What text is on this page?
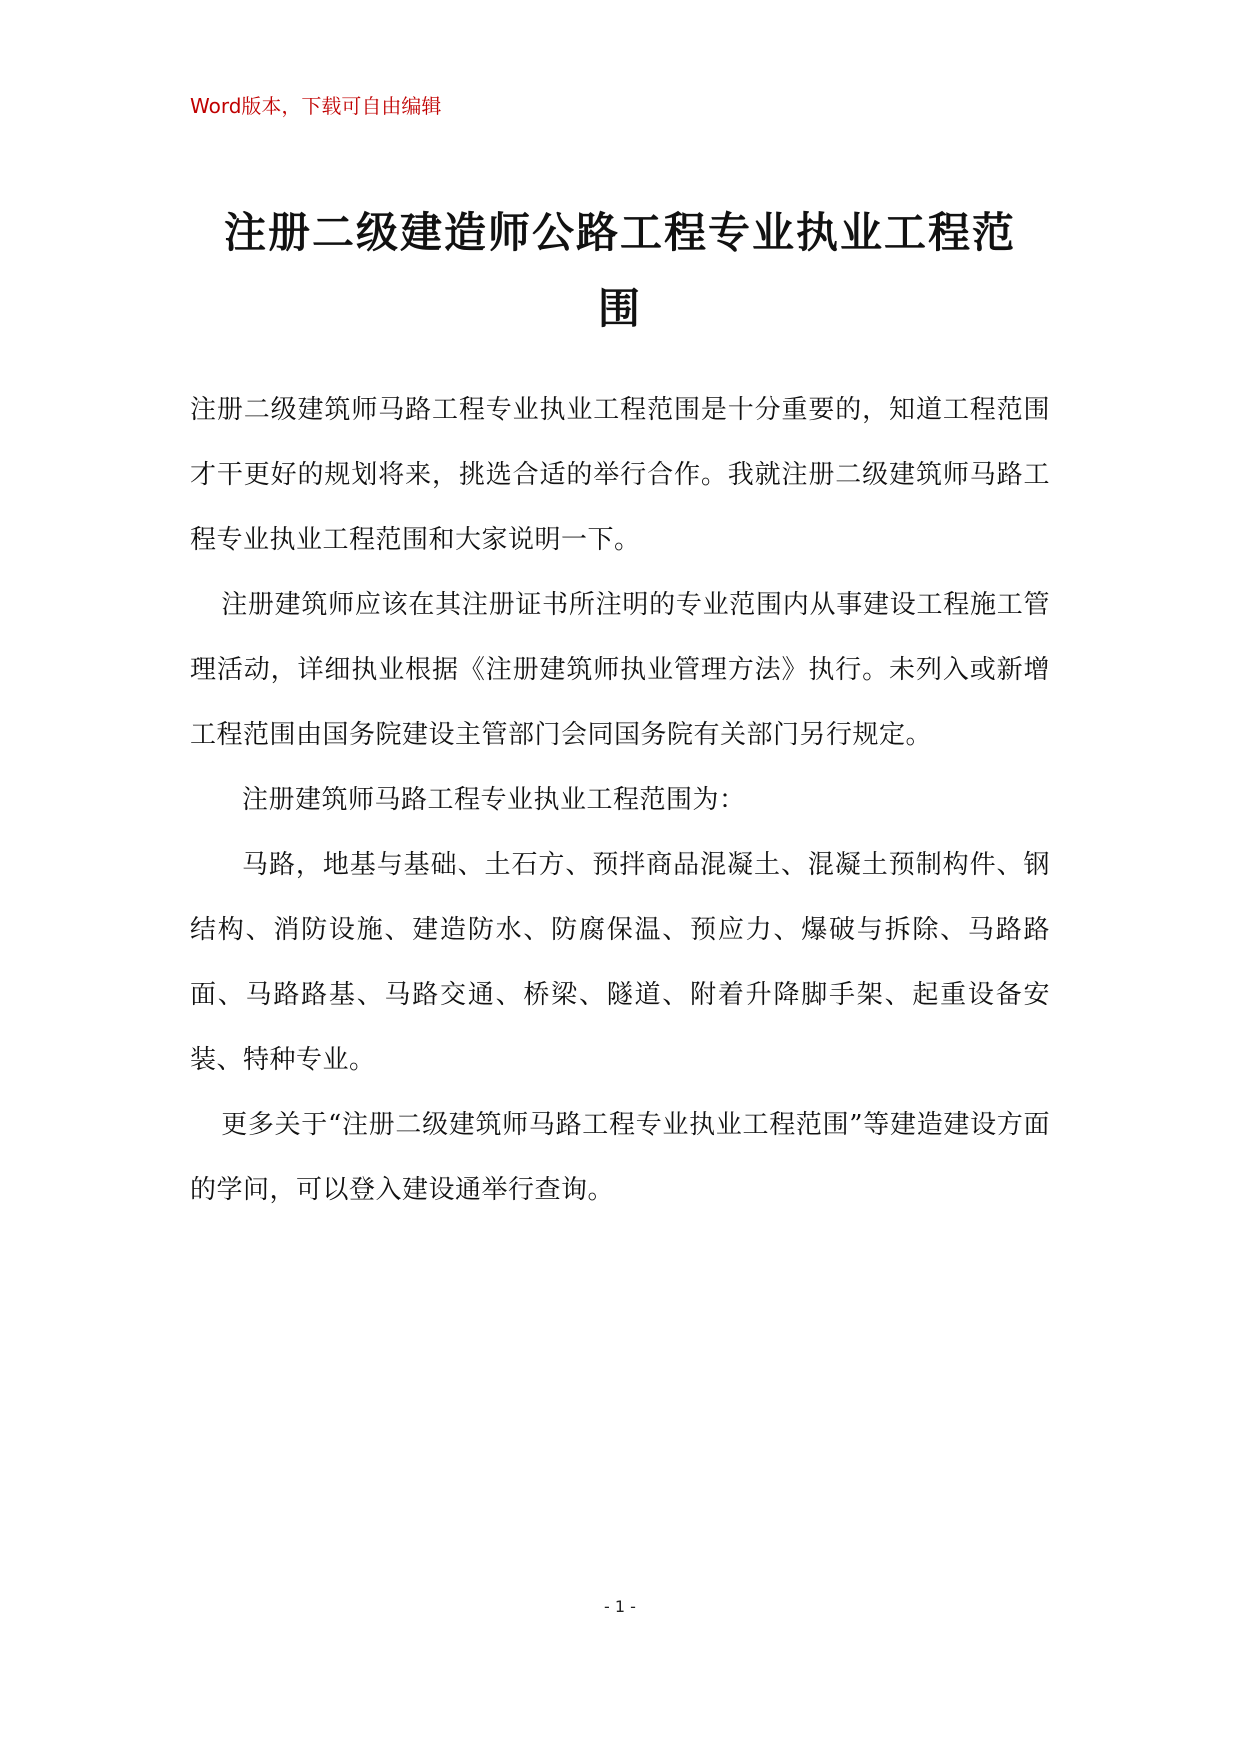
Word版本，下载可自由编辑
注册二级建造师公路工程专业执业工程范
围

注册二级建筑师马路工程专业执业工程范围是十分重要的，知道工程范围才干更好的规划将来，挑选合适的举行合作。我就注册二级建筑师马路工程专业执业工程范围和大家说明一下。

注册建筑师应该在其注册证书所注明的专业范围内从事建设工程施工管理活动，详细执业根据《注册建筑师执业管理方法》执行。未列入或新增工程范围由国务院建设主管部门会同国务院有关部门另行规定。

注册建筑师马路工程专业执业工程范围为：

马路，地基与基础、土石方、预拌商品混凝土、混凝土预制构件、钢结构、消防设施、建造防水、防腐保温、预应力、爆破与拆除、马路路面、马路路基、马路交通、桥梁、隧道、附着升降脚手架、起重设备安装、特种专业。

更多关于“注册二级建筑师马路工程专业执业工程范围”等建造建设方面的学问，可以登入建设通举行查询。

- 1 -
